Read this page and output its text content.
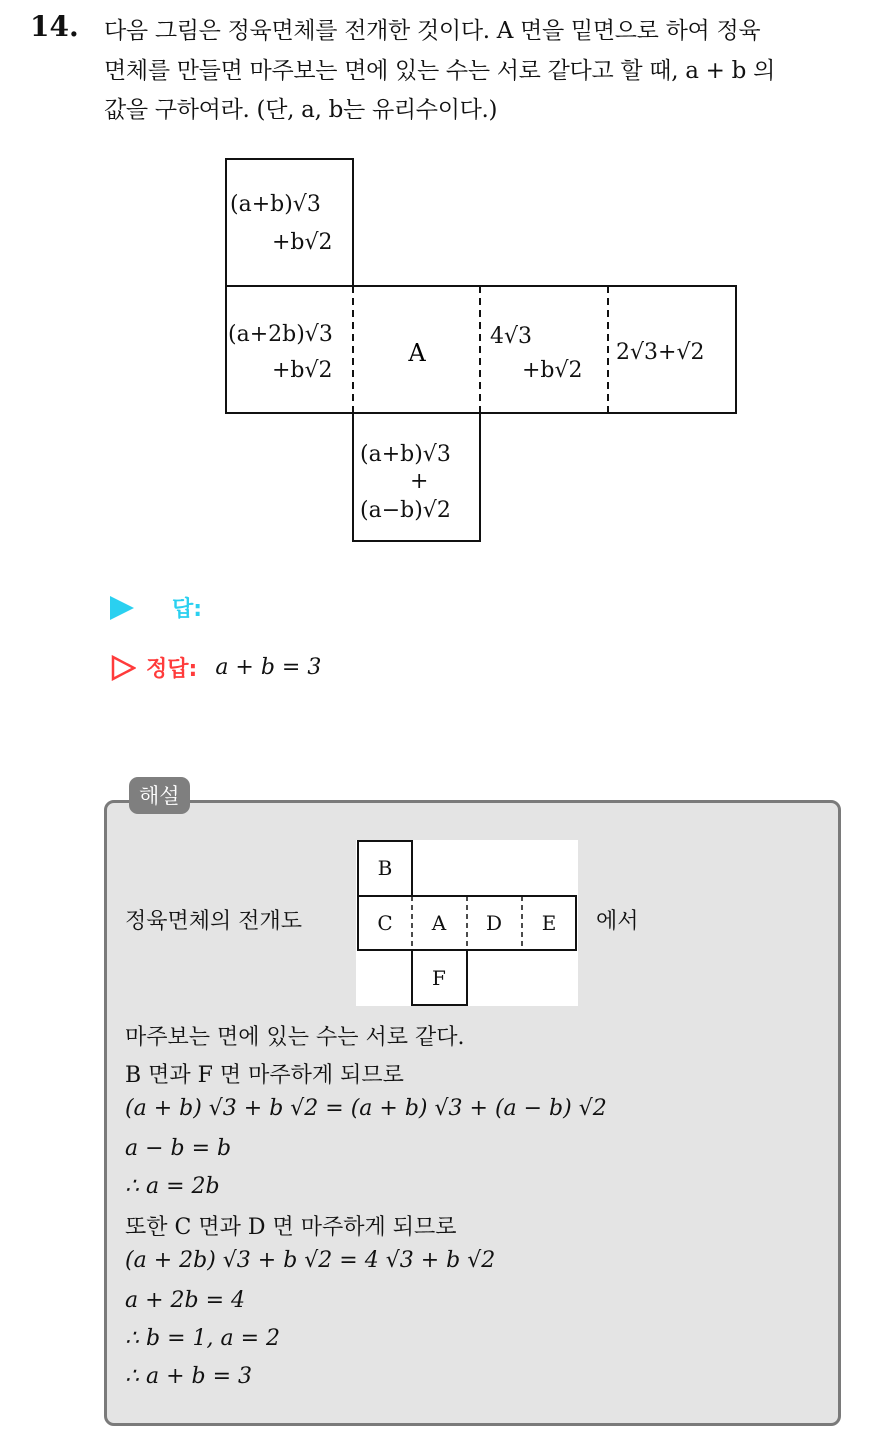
14. 다음 그림은 정육면체를 전개한 것이다. A 면을 밑면으로 하여 정육
면체를 만들면 마주보는 면에 있는 수는 서로 같다고 할 때, a + b 의
값을 구하여라. (단, a, b는 유리수이다.)
A
(a+b)√3
+b√2
(a+2b)√3
+b√2
4√3
+b√2
2√3+√2
(a+b)√3
+
(a−b)√2
답:
정답: a + b = 3
해설
정육면체의 전개도	에서
B
C A D E
F
마주보는 면에 있는 수는 서로 같다.
B 면과 F 면 마주하게 되므로
(a + b) √3 + b √2 = (a + b) √3 + (a − b) √2
a − b = b
∴ a = 2b
또한 C 면과 D 면 마주하게 되므로
(a + 2b) √3 + b √2 = 4 √3 + b √2
a + 2b = 4
∴ b = 1, a = 2
∴ a + b = 3
